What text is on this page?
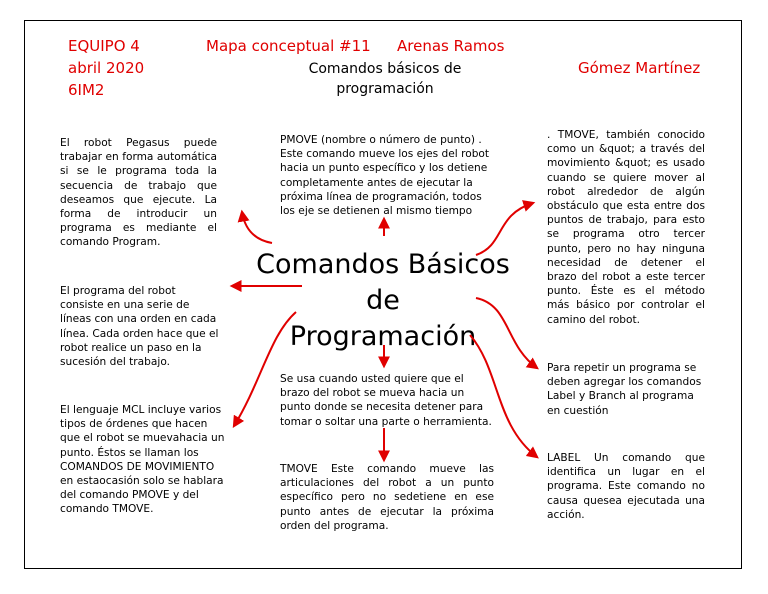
EQUIPO 4
abril 2020
6IM2
Mapa conceptual #11 Arenas Ramos
Gómez Martínez
Comandos básicos de
programación
El robot Pegasus puede trabajar en forma automática si se le programa toda la secuencia de trabajo que deseamos que ejecute. La forma de introducir un programa es mediante el comando Program.
El programa del robot consiste en una serie de líneas con una orden en cada línea. Cada orden hace que el robot realice un paso en la sucesión del trabajo.
El lenguaje MCL incluye varios tipos de órdenes que hacen que el robot se muevahacia un punto. Éstos se llaman los COMANDOS DE MOVIMIENTO en estaocasión solo se hablara del comando PMOVE y del comando TMOVE.
PMOVE (nombre o número de punto) . Este comando mueve los ejes del robot hacia un punto específico y los detiene completamente antes de ejecutar la próxima línea de programación, todos los eje se detienen al mismo tiempo
Se usa cuando usted quiere que el brazo del robot se mueva hacia un punto donde se necesita detener para tomar o soltar una parte o herramienta.
TMOVE Este comando mueve las articulaciones del robot a un punto específico pero no sedetiene en ese punto antes de ejecutar la próxima orden del programa.
. TMOVE, también conocido como un &quot; a través del movimiento &quot; es usado cuando se quiere mover al robot alrededor de algún obstáculo que esta entre dos puntos de trabajo, para esto se programa otro tercer punto, pero no hay ninguna necesidad de detener el brazo del robot a este tercer punto. Éste es el método más básico por controlar el camino del robot.
Para repetir un programa se deben agregar los comandos Label y Branch al programa en cuestión
LABEL Un comando que identifica un lugar en el programa. Este comando no causa quesea ejecutada una acción.
Comandos Básicos
de
Programación
